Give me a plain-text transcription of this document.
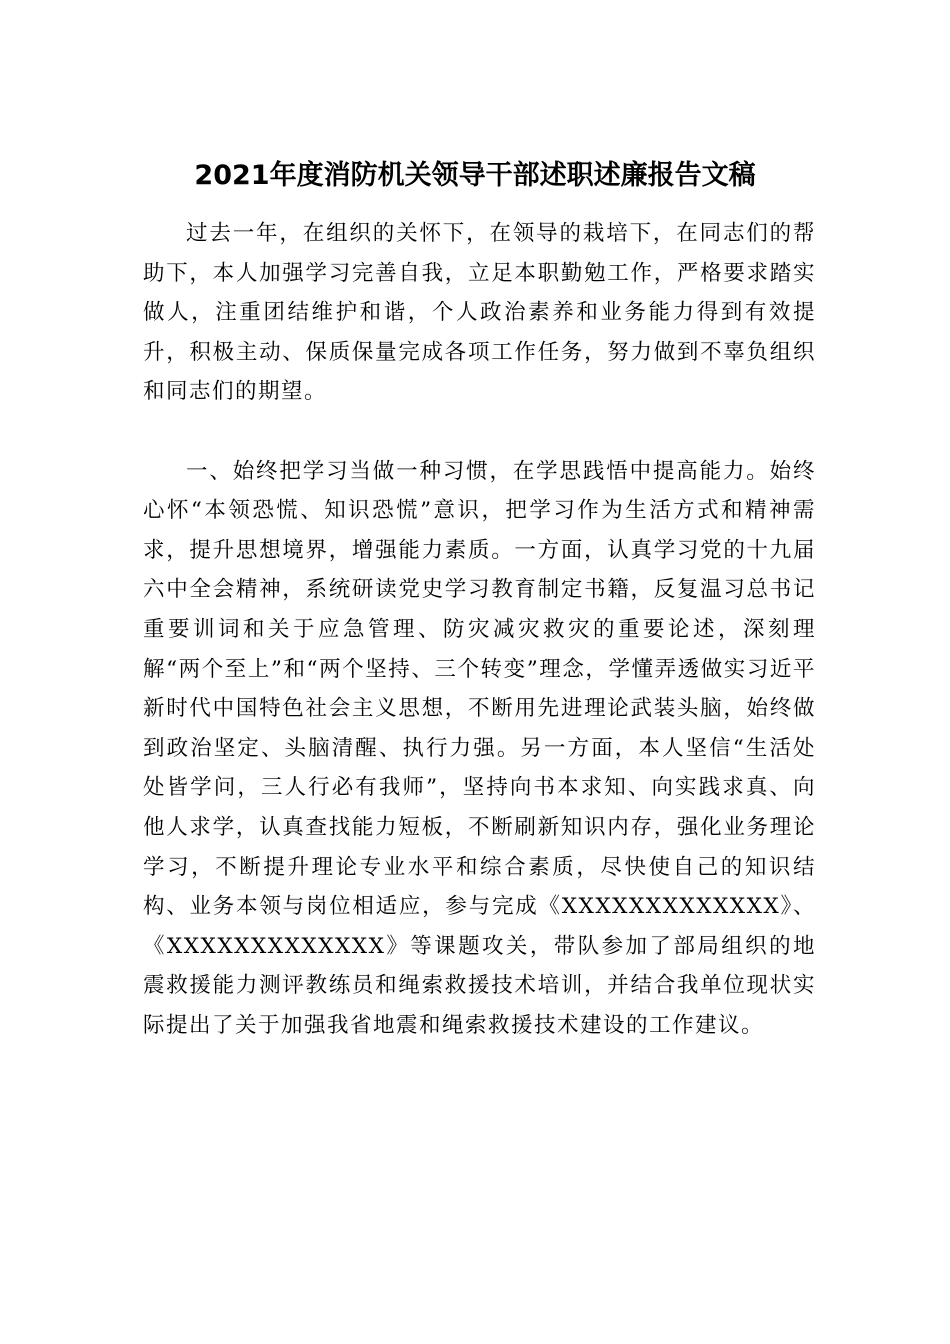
2021年度消防机关领导干部述职述廉报告文稿

过去一年，在组织的关怀下，在领导的栽培下，在同志们的帮助下，本人加强学习完善自我，立足本职勤勉工作，严格要求踏实做人，注重团结维护和谐，个人政治素养和业务能力得到有效提升，积极主动、保质保量完成各项工作任务，努力做到不辜负组织和同志们的期望。

一、始终把学习当做一种习惯，在学思践悟中提高能力。始终心怀“本领恐慌、知识恐慌”意识，把学习作为生活方式和精神需求，提升思想境界，增强能力素质。一方面，认真学习党的十九届六中全会精神，系统研读党史学习教育制定书籍，反复温习总书记重要训词和关于应急管理、防灾减灾救灾的重要论述，深刻理解“两个至上”和“两个坚持、三个转变”理念，学懂弄透做实习近平新时代中国特色社会主义思想，不断用先进理论武装头脑，始终做到政治坚定、头脑清醒、执行力强。另一方面，本人坚信“生活处处皆学问，三人行必有我师”，坚持向书本求知、向实践求真、向他人求学，认真查找能力短板，不断刷新知识内存，强化业务理论学习，不断提升理论专业水平和综合素质，尽快使自己的知识结构、业务本领与岗位相适应，参与完成《XXXXXXXXXXXXX》、《XXXXXXXXXXXXX》等课题攻关，带队参加了部局组织的地震救援能力测评教练员和绳索救援技术培训，并结合我单位现状实际提出了关于加强我省地震和绳索救援技术建设的工作建议。
